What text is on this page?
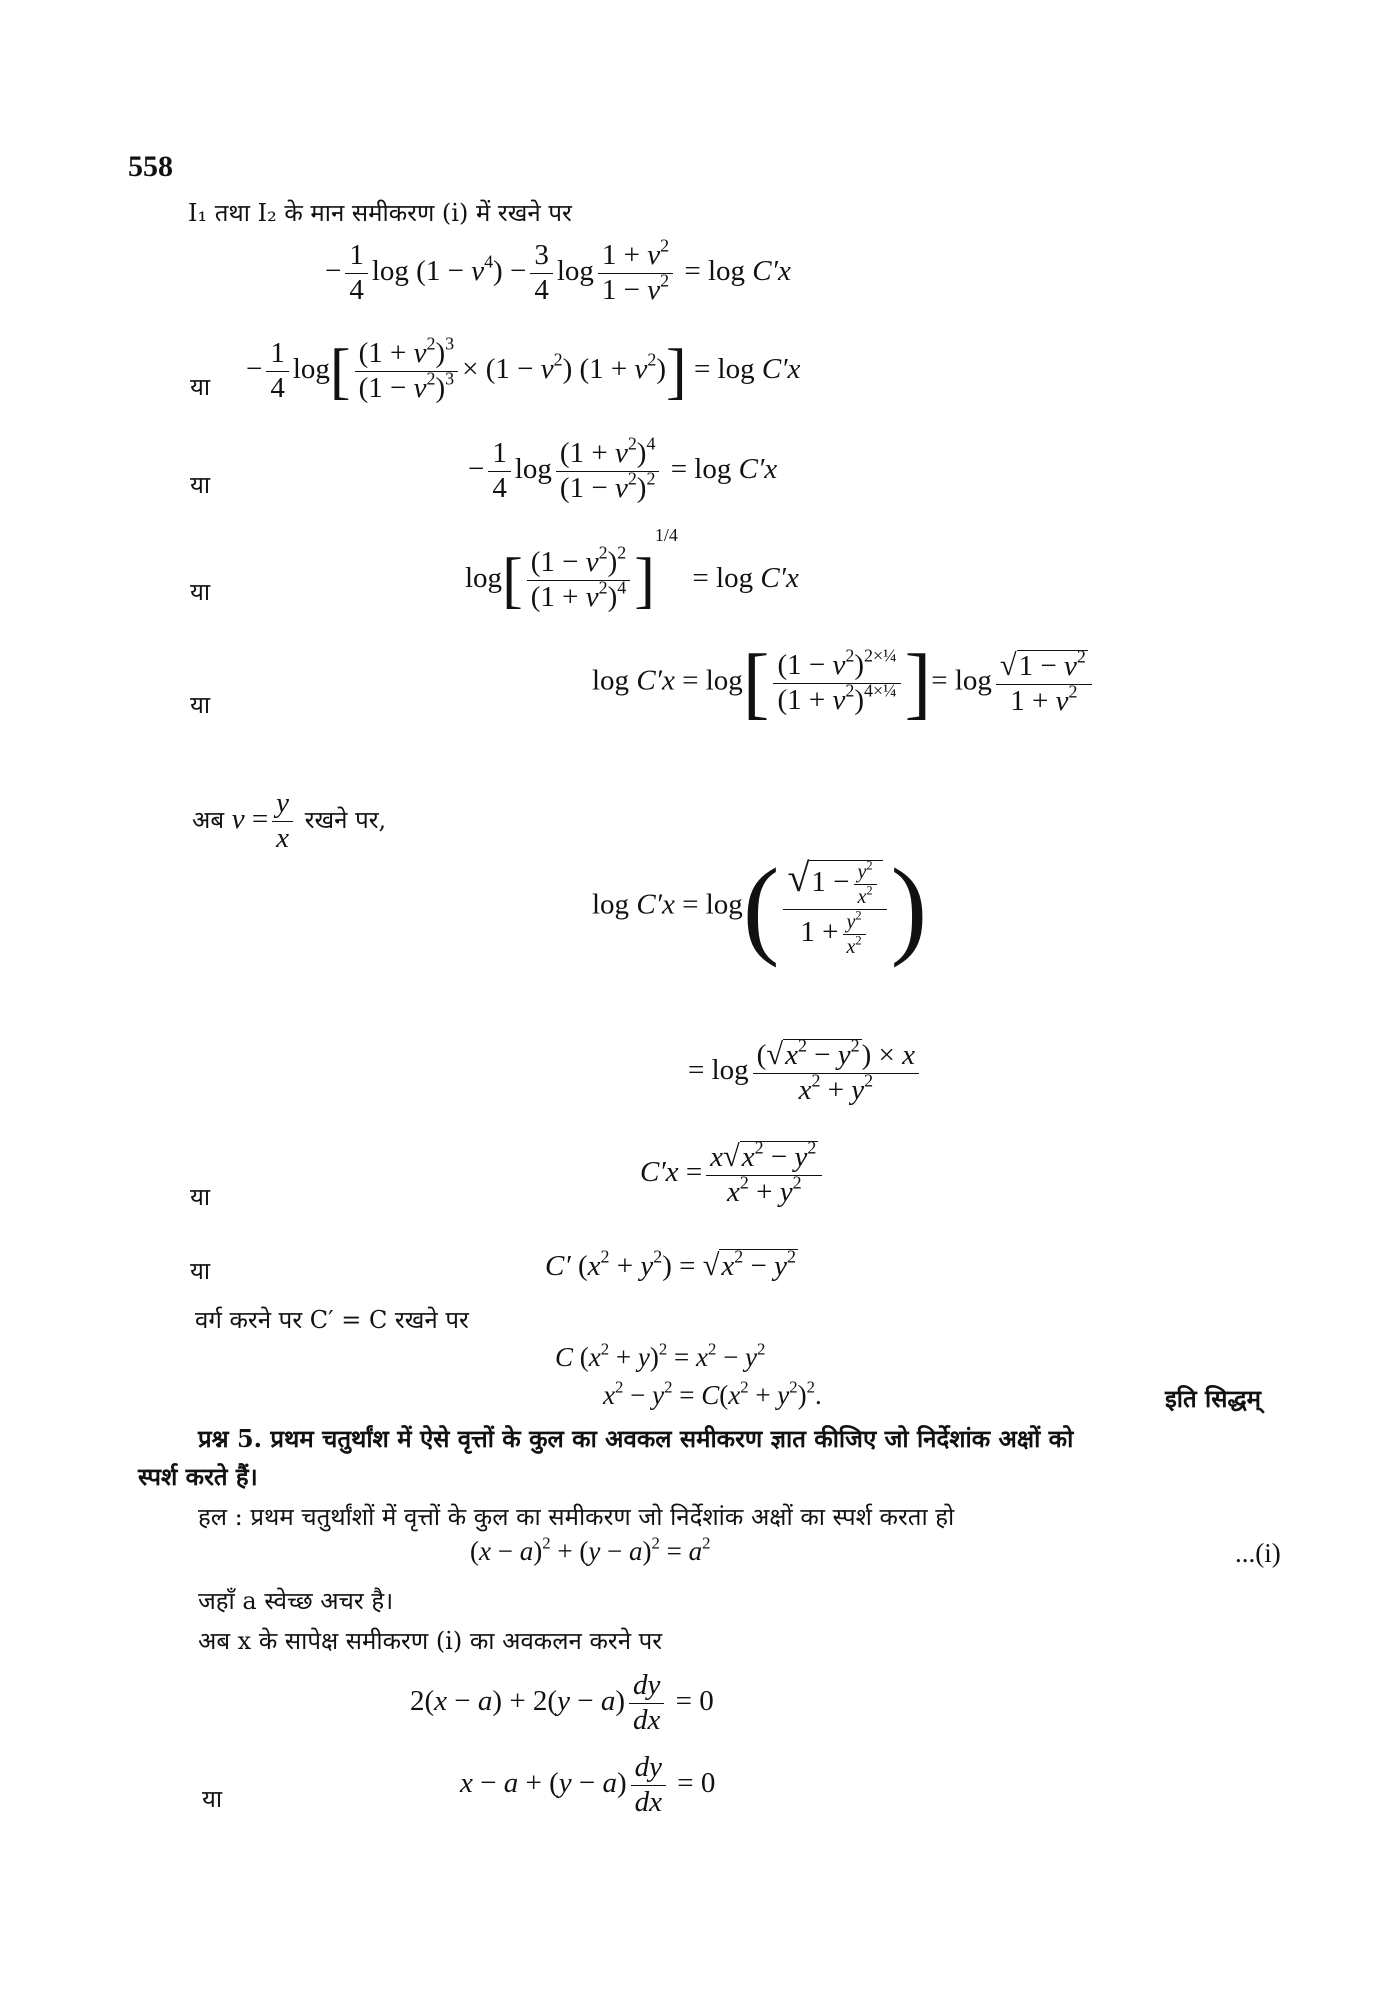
558
I₁ तथा I₂ के मान समीकरण (i) में रखने पर
− $\frac{1}{4}$ $\log (1 - v^4) - \frac{3}{4}$ $\log \frac{1 + v^2}{1 - v^2} = \log C'x$
या
− $\frac{1}{4} \log[ \frac{(1 + v^2)^3}{(1 - v^2)^3} \times (1 - v^2) (1 + v^2)] = \log C'x$
या	− $\frac{1}{4}$ $\log \frac{(1 + v^2)^4}{(1 - v^2)^2} = \log C'x$
या	$\log[ \frac{(1 - v^2)^2}{(1 + v^2)^4} ]^{1/4} = \log C'x$
या
$\log C'x = \log[ \frac{(1 - v^2)^{2\times\frac{1}{4}}}{(1 + v^2)^{4\times\frac{1}{4}}}$ ]= $\log \frac{√1 - v^2}{1 + v^2}$
अब $v = \frac{y}{x}$ रखने पर,
$\log C'x = \log( \frac{√1 - \frac{y^2}{x^2}}{1 + \frac{y^2}{x^2}}$ )
= $\log \frac{(√x^2 - y^2) \times x}{x^2 + y^2}$
या
$C'x = \frac{x√x^2 - y^2}{x^2 + y^2}$
या	C′ $(x^2 + y^2) = √x^2 - y^2$
वर्ग करने पर C′ = C रखने पर
C $(x^2 + y)^2 = x^2 - y^2$
$x^2 - y^2 = C(x^2 + y^2)^2$.	इति सिद्धम्
प्रश्न 5. प्रथम चतुर्थांश में ऐसे वृत्तों के कुल का अवकल समीकरण ज्ञात कीजिए जो निर्देशांक अक्षों को
स्पर्श करते हैं।
हल : प्रथम चतुर्थांशों में वृत्तों के कुल का समीकरण जो निर्देशांक अक्षों का स्पर्श करता हो
$(x - a)^2 + (y - a)^2 = a^2$	...(i)
जहाँ a स्वेच्छ अचर है।
अब x के सापेक्ष समीकरण (i) का अवकलन करने पर
$2(x - a) + 2(y - a) \frac{dy}{dx} = 0$
या	$x - a + (y - a) \frac{dy}{dx} = 0$
